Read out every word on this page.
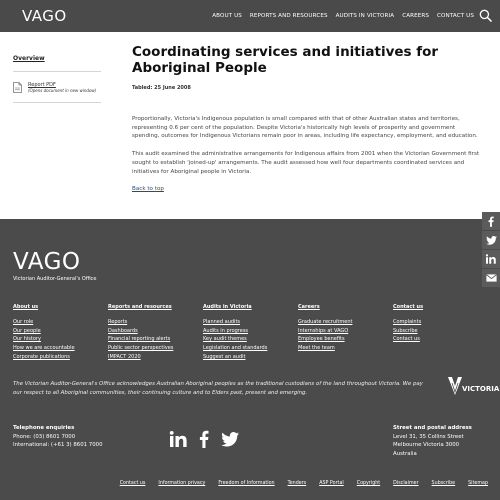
VAGO	ABOUT US REPORTS AND RESOURCES AUDITS IN VICTORIA CAREERS CONTACT US
Overview
Report PDF
(Opens document in new window)
Coordinating services and initiatives for Aboriginal People
Tabled: 25 June 2008

Proportionally, Victoria's Indigenous population is small compared with that of other Australian states and territories, representing 0.6 per cent of the population. Despite Victoria's historically high levels of prosperity and government spending, outcomes for Indigenous Victorians remain poor in areas, including life expectancy, employment, and education.

This audit examined the administrative arrangements for Indigenous affairs from 2001 when the Victorian Government first sought to establish 'joined-up' arrangements. The audit assessed how well four departments coordinated services and initiatives for Aboriginal people in Victoria.

Back to top
VAGO
Victorian Auditor-General's Office
About us
Our role
Our people
Our history
How we are accountable
Corporate publications
Reports and resources
Reports
Dashboards
Financial reporting alerts
Public sector perspectives
IMPACT 2020
Audits in Victoria
Planned audits
Audits in progress
Key audit themes
Legislation and standards
Suggest an audit
Careers
Graduate recruitment
Internships at VAGO
Employee benefits
Meet the team
Contact us
Complaints
Subscribe
Contact us

The Victorian Auditor-General's Office acknowledges Australian Aboriginal peoples as the traditional custodians of the land throughout Victoria. We pay our respect to all Aboriginal communities, their continuing culture and to Elders past, present and emerging.	VICTORIA
Telephone enquiries
Phone: (03) 8601 7000
International: (+61 3) 8601 7000
Street and postal address
Level 31, 35 Collins Street
Melbourne Victoria 3000
Australia
Contact us	Information privacy	Freedom of Information	Tenders	ASP Portal	Copyright	Disclaimer	Subscribe	Sitemap
